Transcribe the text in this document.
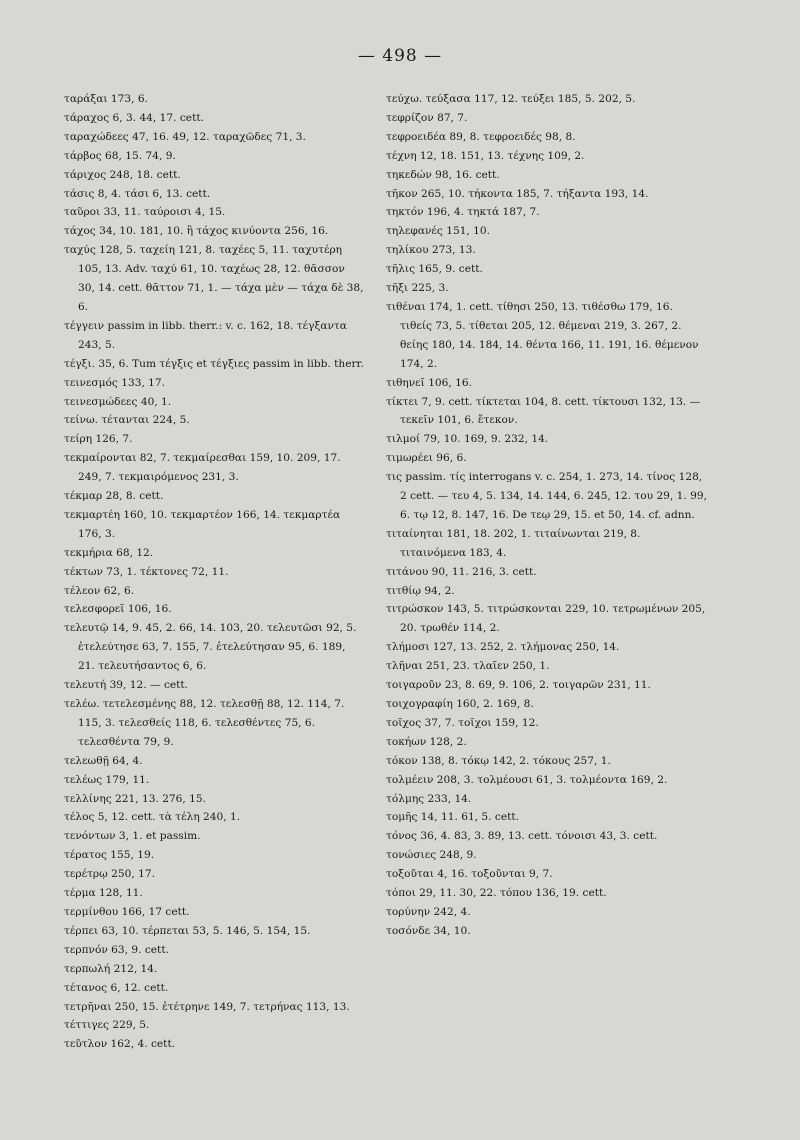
— 498 —
ταράξαι 173, 6.
τάραχος 6, 3. 44, 17. cett.
ταραχώδεες 47, 16. 49, 12. ταραχῶδες 71, 3.
τάρβος 68, 15. 74, 9.
τάριχος 248, 18. cett.
τάσις 8, 4. τάσι 6, 13. cett.
ταῦροι 33, 11. ταύροισι 4, 15.
τάχος 34, 10. 181, 10. ἢ τάχος κινύοντα 256, 16.
ταχύς 128, 5. ταχείη 121, 8. ταχέες 5, 11. ταχυτέρη 105, 13. Adv. ταχύ 61, 10. ταχέως 28, 12. θᾶσσον 30, 14. cett. θᾶττον 71, 1. — τάχα μὲν — τάχα δὲ 38, 6.
τέγγειν passim in libb. therr.: v. c. 162, 18. τέγξαντα 243, 5.
τέγξι. 35, 6. Tum τέγξις et τέγξιες passim in libb. therr.
τεινεσμός 133, 17.
τεινεσμώδεες 40, 1.
τείνω. τέτανται 224, 5.
τείρη 126, 7.
τεκμαίρονται 82, 7. τεκμαίρεσθαι 159, 10. 209, 17. 249, 7. τεκμαιρόμενος 231, 3.
τέκμαρ 28, 8. cett.
τεκμαρτέη 160, 10. τεκμαρτέον 166, 14. τεκμαρτέα 176, 3.
τεκμήρια 68, 12.
τέκτων 73, 1. τέκτονες 72, 11.
τέλεον 62, 6.
τελεσφορεῖ 106, 16.
τελευτῷ 14, 9. 45, 2. 66, 14. 103, 20. τελευτῶσι 92, 5. ἐτελεύτησε 63, 7. 155, 7. ἐτελεύτησαν 95, 6. 189, 21. τελευτήσαντος 6, 6.
τελευτή 39, 12. — cett.
τελέω. τετελεσμένης 88, 12. τελεσθῇ 88, 12. 114, 7. 115, 3. τελεσθείς 118, 6. τελεσθέντες 75, 6. τελεσθέντα 79, 9.
τελεωθῇ 64, 4.
τελέως 179, 11.
τελλίνης 221, 13. 276, 15.
τέλος 5, 12. cett. τὰ τέλη 240, 1.
τενόντων 3, 1. et passim.
τέρατος 155, 19.
τερέτρῳ 250, 17.
τέρμα 128, 11.
τερμίνθου 166, 17 cett.
τέρπει 63, 10. τέρπεται 53, 5. 146, 5. 154, 15.
τερπνόν 63, 9. cett.
τερπωλή 212, 14.
τέτανος 6, 12. cett.
τετρῆναι 250, 15. ἐτέτρηνε 149, 7. τετρήνας 113, 13.
τέττιγες 229, 5.
τεῦτλον 162, 4. cett.
τεύχω. τεύξασα 117, 12. τεύξει 185, 5. 202, 5.
τεφρίζον 87, 7.
τεφροειδέα 89, 8. τεφροειδές 98, 8.
τέχνη 12, 18. 151, 13. τέχνης 109, 2.
τηκεδών 98, 16. cett.
τῆκον 265, 10. τήκοντα 185, 7. τήξαντα 193, 14.
τηκτόν 196, 4. τηκτά 187, 7.
τηλεφανές 151, 10.
τηλίκου 273, 13.
τῆλις 165, 9. cett.
τῆξι 225, 3.
τιθέναι 174, 1. cett. τίθησι 250, 13. τιθέσθω 179, 16. τιθείς 73, 5. τίθεται 205, 12. θέμεναι 219, 3. 267, 2. θείης 180, 14. 184, 14. θέντα 166, 11. 191, 16. θέμενον 174, 2.
τιθηνεῖ 106, 16.
τίκτει 7, 9. cett. τίκτεται 104, 8. cett. τίκτουσι 132, 13. — τεκεῖν 101, 6. ἔτεκον.
τιλμοί 79, 10. 169, 9. 232, 14.
τιμωρέει 96, 6.
τις passim. τίς interrogans v. c. 254, 1. 273, 14. τίνος 128, 2 cett. — τευ 4, 5. 134, 14. 144, 6. 245, 12. του 29, 1. 99, 6. τῳ 12, 8. 147, 16. De τεῳ 29, 15. et 50, 14. cf. adnn.
τιταίνηται 181, 18. 202, 1. τιταίνωνται 219, 8. τιταινόμενα 183, 4.
τιτάνου 90, 11. 216, 3. cett.
τιτθίῳ 94, 2.
τιτρώσκον 143, 5. τιτρώσκονται 229, 10. τετρωμένων 205, 20. τρωθέν 114, 2.
τλήμοσι 127, 13. 252, 2. τλήμονας 250, 14.
τλῆναι 251, 23. τλαῖεν 250, 1.
τοιγαροῦν 23, 8. 69, 9. 106, 2. τοιγαρῶν 231, 11.
τοιχογραφίη 160, 2. 169, 8.
τοῖχος 37, 7. τοῖχοι 159, 12.
τοκήων 128, 2.
τόκον 138, 8. τόκῳ 142, 2. τόκους 257, 1.
τολμέειν 208, 3. τολμέουσι 61, 3. τολμέοντα 169, 2.
τόλμης 233, 14.
τομῆς 14, 11. 61, 5. cett.
τόνος 36, 4. 83, 3. 89, 13. cett. τόνοισι 43, 3. cett.
τονώσιες 248, 9.
τοξοῦται 4, 16. τοξοῦνται 9, 7.
τόποι 29, 11. 30, 22. τόπου 136, 19. cett.
τορύνην 242, 4.
τοσόνδε 34, 10.
